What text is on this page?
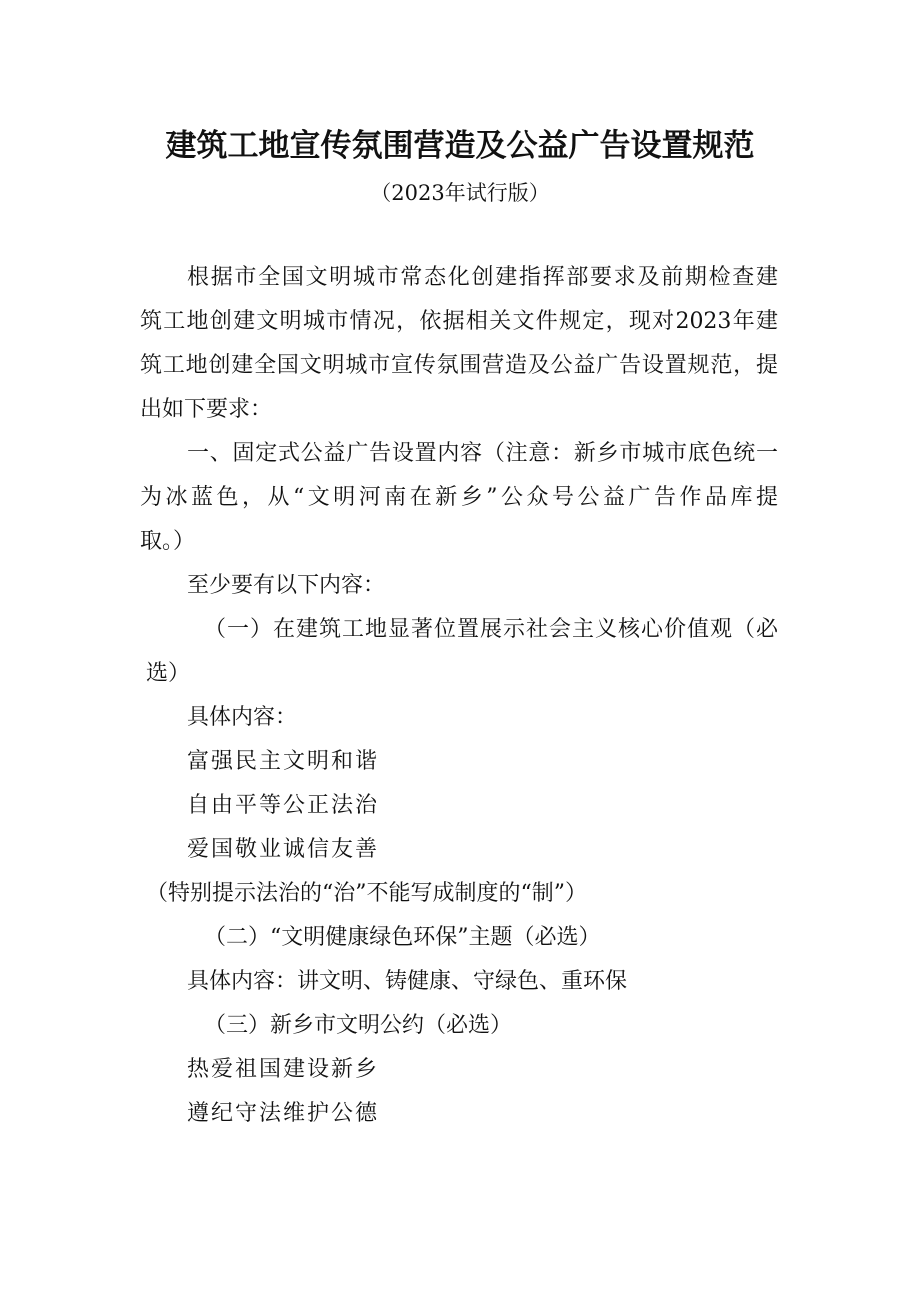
建筑工地宣传氛围营造及公益广告设置规范
（2023年试行版）
根据市全国文明城市常态化创建指挥部要求及前期检查建
筑工地创建文明城市情况，依据相关文件规定，现对2023年建
筑工地创建全国文明城市宣传氛围营造及公益广告设置规范，提
出如下要求：
一、固定式公益广告设置内容（注意：新乡市城市底色统一
为冰蓝色，从“文明河南在新乡”公众号公益广告作品库提
取。）
至少要有以下内容：
（一）在建筑工地显著位置展示社会主义核心价值观（必
选）
具体内容：
富强民主文明和谐
自由平等公正法治
爱国敬业诚信友善
（特别提示法治的“治”不能写成制度的“制”）
（二）“文明健康绿色环保”主题（必选）
具体内容：讲文明、铸健康、守绿色、重环保
（三）新乡市文明公约（必选）
热爱祖国建设新乡
遵纪守法维护公德
